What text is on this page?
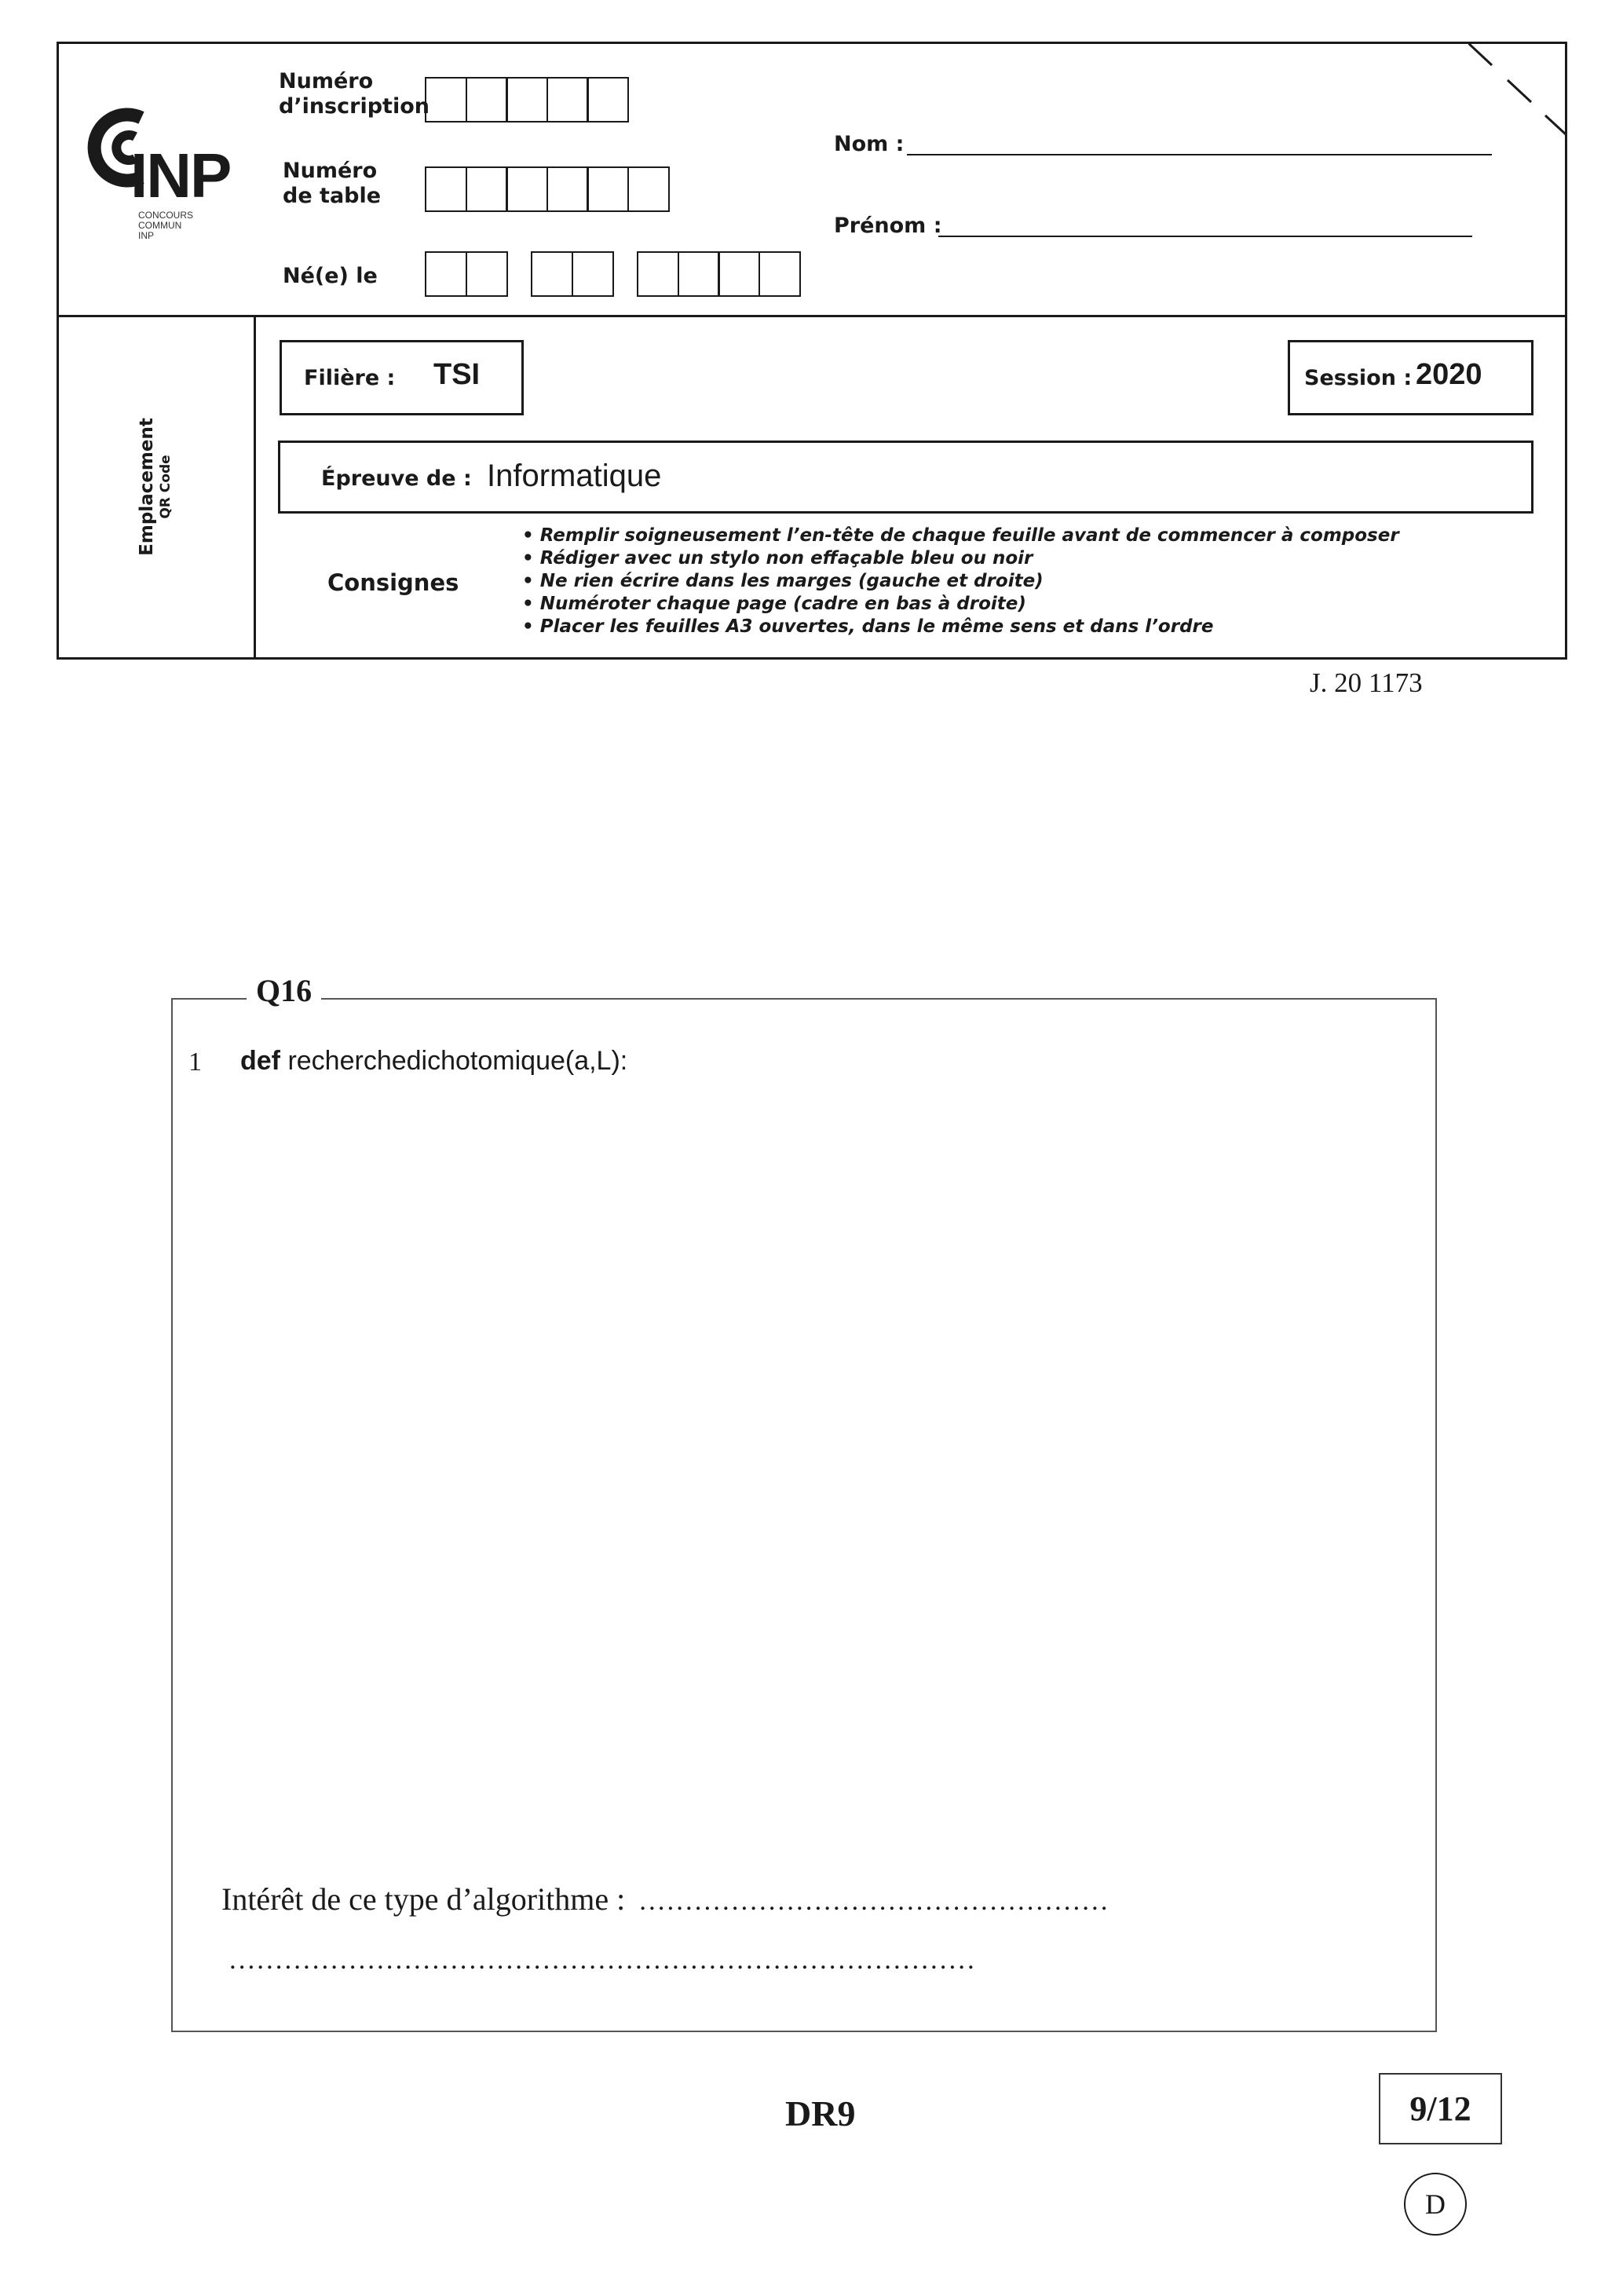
INP
CONCOURS
COMMUN
INP
Numéro
d’inscription
Numéro
de table
Né(e) le
Nom :
Prénom :
Emplacement QR Code
Filière : TSI	Session : 2020
Épreuve de : Informatique
Consignes
• Remplir soigneusement l’en-tête de chaque feuille avant de commencer à composer
• Rédiger avec un stylo non effaçable bleu ou noir
• Ne rien écrire dans les marges (gauche et droite)
• Numéroter chaque page (cadre en bas à droite)
• Placer les feuilles A3 ouvertes, dans le même sens et dans l’ordre
J. 20 1173
Q16
1 def recherchedichotomique(a,L):
Intérêt de ce type d’algorithme : ...................................................
.................................................................................
DR9	9/12
D
